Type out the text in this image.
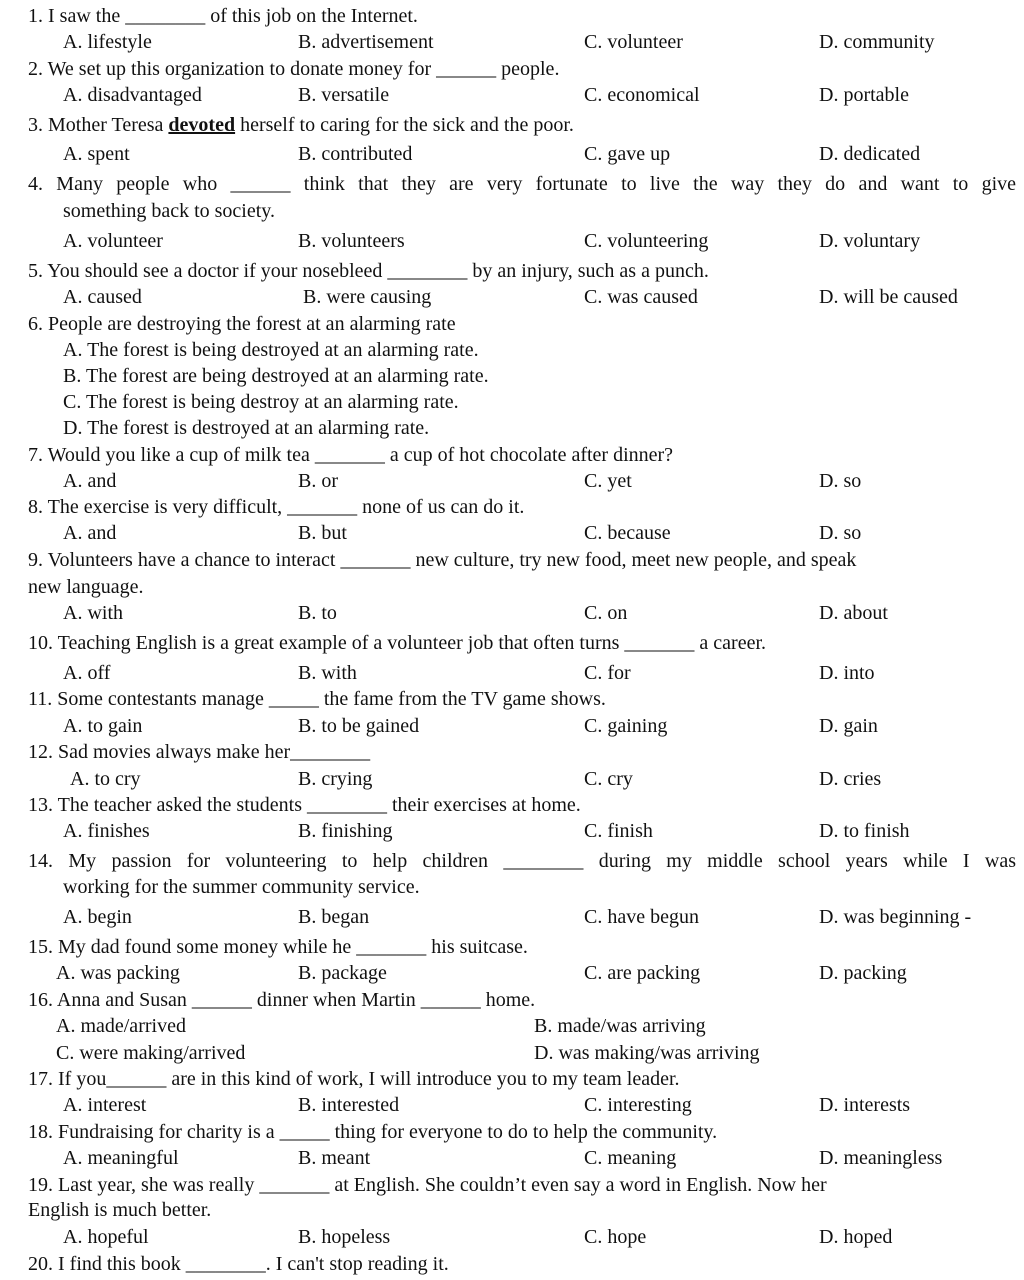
1. I saw the ________ of this job on the Internet.
A. lifestyle	B. advertisement	C. volunteer	D. community
2. We set up this organization to donate money for ______ people.
A. disadvantaged	B. versatile	C. economical	D. portable
3. Mother Teresa devoted herself to caring for the sick and the poor.
A. spent	B. contributed	C. gave up	D. dedicated
4. Many people who ______ think that they are very fortunate to live the way they do and want to give
something back to society.
A. volunteer	B. volunteers	C. volunteering	D. voluntary
5. You should see a doctor if your nosebleed ________ by an injury, such as a punch.
A. caused	B. were causing	C. was caused	D. will be caused
6. People are destroying the forest at an alarming rate
A. The forest is being destroyed at an alarming rate.
B. The forest are being destroyed at an alarming rate.
C. The forest is being destroy at an alarming rate.
D. The forest is destroyed at an alarming rate.
7. Would you like a cup of milk tea _______ a cup of hot chocolate after dinner?
A. and	B. or	C. yet	D. so
8. The exercise is very difficult, _______ none of us can do it.
A. and	B. but	C. because	D. so
9. Volunteers have a chance to interact _______ new culture, try new food, meet new people, and speak
new language.
A. with	B. to	C. on	D. about
10. Teaching English is a great example of a volunteer job that often turns _______ a career.
A. off	B. with	C. for	D. into
11. Some contestants manage _____ the fame from the TV game shows.
A. to gain	B. to be gained	C. gaining	D. gain
12. Sad movies always make her________
A. to cry	B. crying	C. cry	D. cries
13. The teacher asked the students ________ their exercises at home.
A. finishes	B. finishing	C. finish	D. to finish
14. My passion for volunteering to help children ________ during my middle school years while I was
working for the summer community service.
A. begin	B. began	C. have begun	D. was beginning -
15. My dad found some money while he _______ his suitcase.
A. was packing	B. package	C. are packing	D. packing
16. Anna and Susan ______ dinner when Martin ______ home.
A. made/arrived	B. made/was arriving
C. were making/arrived	D. was making/was arriving
17. If you______ are in this kind of work, I will introduce you to my team leader.
A. interest	B. interested	C. interesting	D. interests
18. Fundraising for charity is a _____ thing for everyone to do to help the community.
A. meaningful	B. meant	C. meaning	D. meaningless
19. Last year, she was really _______ at English. She couldn’t even say a word in English. Now her
English is much better.
A. hopeful	B. hopeless	C. hope	D. hoped
20. I find this book ________. I can't stop reading it.
